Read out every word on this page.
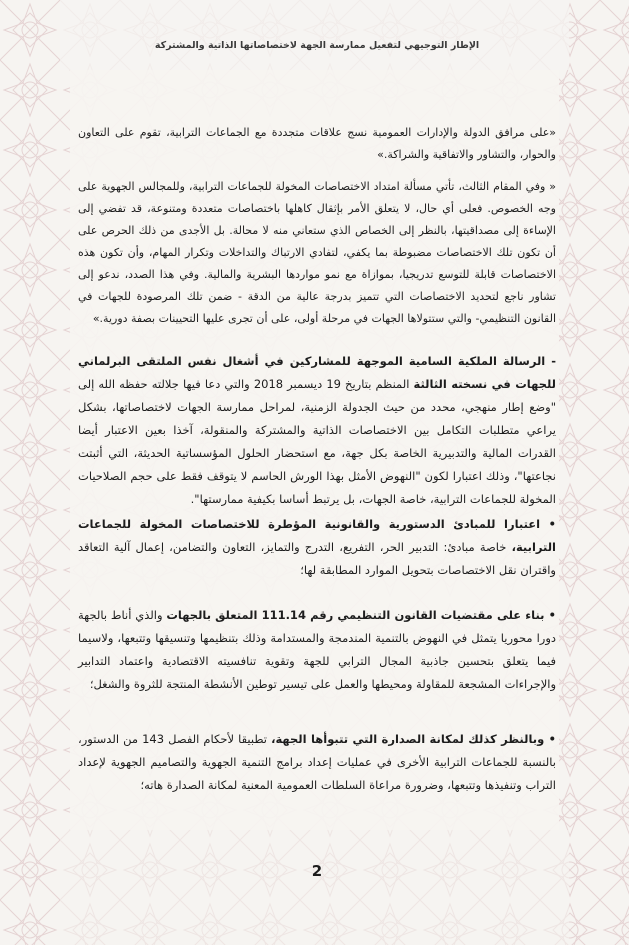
الإطار التوجيهي لتفعيل ممارسة الجهة لاختصاصاتها الذاتية والمشتركة

«على مرافق الدولة والإدارات العمومية نسج علاقات متجددة مع الجماعات الترابية، تقوم على التعاون والحوار، والتشاور والاتفاقية والشراكة.»

« وفي المقام الثالث، تأتي مسألة امتداد الاختصاصات المخولة للجماعات الترابية، وللمجالس الجهوية على وجه الخصوص. فعلى أي حال، لا يتعلق الأمر بإثقال كاهلها باختصاصات متعددة ومتنوعة، قد تفضي إلى الإساءة إلى مصداقيتها، بالنظر إلى الخصاص الذي ستعاني منه لا محالة. بل الأجدى من ذلك الحرص على أن تكون تلك الاختصاصات مضبوطة بما يكفي، لتفادي الارتباك والتداخلات وتكرار المهام، وأن تكون هذه الاختصاصات قابلة للتوسع تدريجيا، بموازاة مع نمو مواردها البشرية والمالية. وفي هذا الصدد، ندعو إلى تشاور ناجع لتحديد الاختصاصات التي تتميز بدرجة عالية من الدقة - ضمن تلك المرصودة للجهات في القانون التنظيمي- والتي ستتولاها الجهات في مرحلة أولى، على أن تجرى عليها التحيينات بصفة دورية.»

- الرسالة الملكية السامية الموجهة للمشاركين في أشغال نفس الملتقى البرلماني للجهات في نسخته الثالثة المنظم بتاريخ 19 ديسمبر 2018 والتي دعا فيها جلالته حفظه الله إلى "وضع إطار منهجي، محدد من حيث الجدولة الزمنية، لمراحل ممارسة الجهات لاختصاصاتها، بشكل يراعي متطلبات التكامل بين الاختصاصات الذاتية والمشتركة والمنقولة، آخذا بعين الاعتبار أيضا القدرات المالية والتدبيرية الخاصة بكل جهة، مع استحضار الحلول المؤسساتية الحديثة، التي أثبتت نجاعتها"، وذلك اعتبارا لكون "النهوض الأمثل بهذا الورش الحاسم لا يتوقف فقط على حجم الصلاحيات المخولة للجماعات الترابية، خاصة الجهات، بل يرتبط أساسا بكيفية ممارستها".

• اعتبارا للمبادئ الدستورية والقانونية المؤطرة للاختصاصات المخولة للجماعات الترابية، خاصة مبادئ: التدبير الحر، التفريع، التدرج والتمايز، التعاون والتضامن، إعمال آلية التعاقد واقتران نقل الاختصاصات بتحويل الموارد المطابقة لها؛

• بناء على مقتضيات القانون التنظيمي رقم 111.14 المتعلق بالجهات والذي أناط بالجهة دورا محوريا يتمثل في النهوض بالتنمية المندمجة والمستدامة وذلك بتنظيمها وتنسيقها وتتبعها، ولاسيما فيما يتعلق بتحسين جاذبية المجال الترابي للجهة وتقوية تنافسيته الاقتصادية واعتماد التدابير والإجراءات المشجعة للمقاولة ومحيطها والعمل على تيسير توطين الأنشطة المنتجة للثروة والشغل؛

• وبالنظر كذلك لمكانة الصدارة التي تتبوأها الجهة، تطبيقا لأحكام الفصل 143 من الدستور، بالنسبة للجماعات الترابية الأخرى في عمليات إعداد برامج التنمية الجهوية والتصاميم الجهوية لإعداد التراب وتنفيذها وتتبعها، وضرورة مراعاة السلطات العمومية المعنية لمكانة الصدارة هاته؛

2
